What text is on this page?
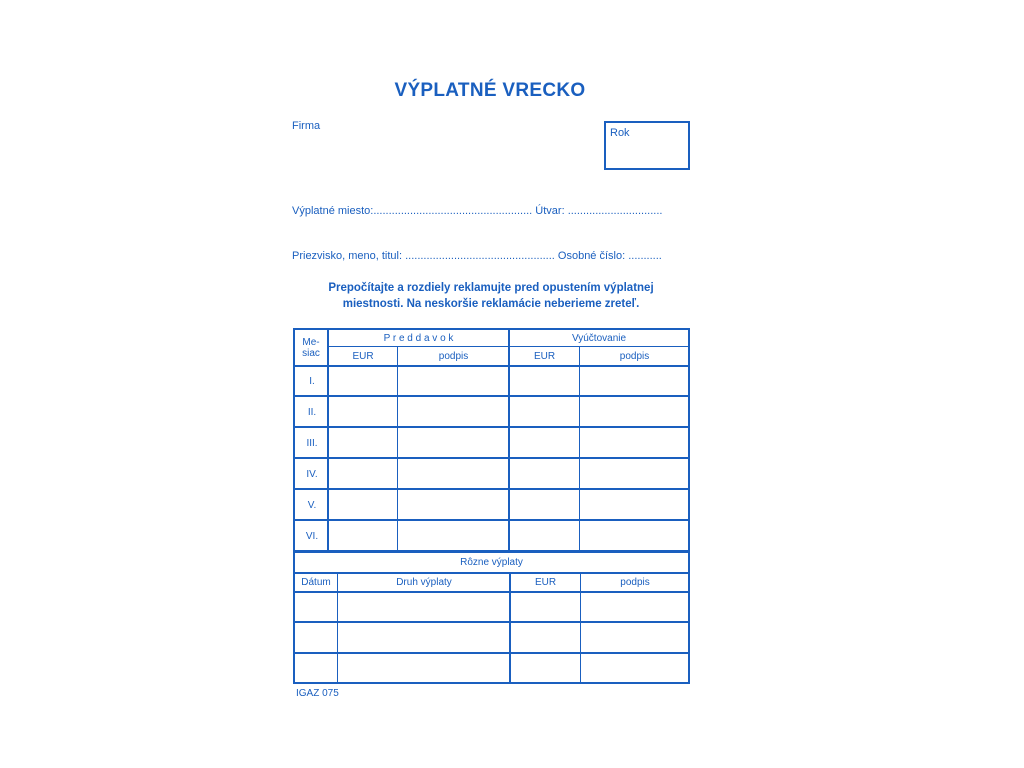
VÝPLATNÉ VRECKO
Firma
Rok
Výplatné miesto:.................................................... Útvar: ...............................
Priezvisko, meno, titul: ................................................. Osobné číslo: ...........
Prepočítajte a rozdiely reklamujte pred opustením výplatnej
miestnosti. Na neskoršie reklamácie neberieme zreteľ.
Me-
siac
P r e d d a v o k	Vyúčtovanie
EUR	podpis	EUR	podpis
I.
II.
III.
IV.
V.
VI.
Rôzne výplaty
Dátum	Druh výplaty	EUR	podpis
IGAZ 075
